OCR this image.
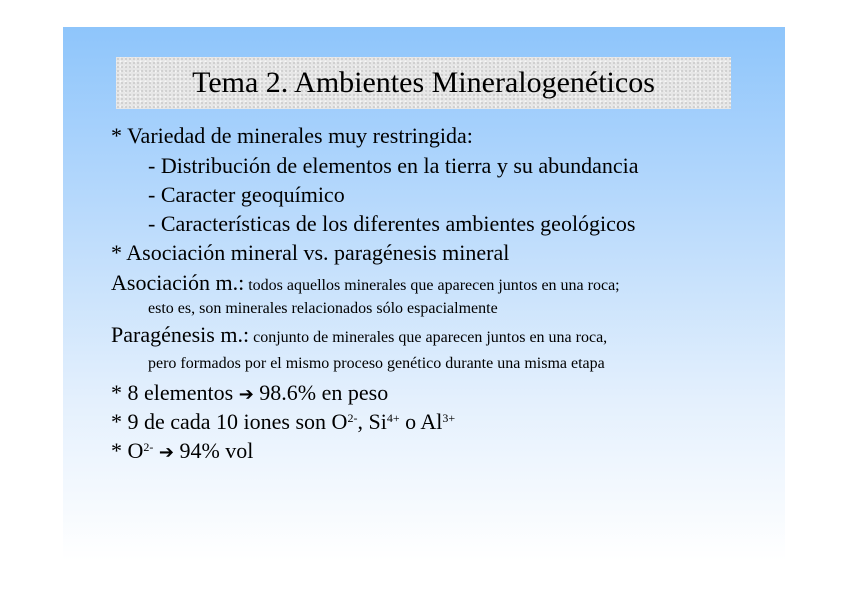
Tema 2. Ambientes Mineralogenéticos
* Variedad de minerales muy restringida:
- Distribución de elementos en la tierra y su abundancia
- Caracter geoquímico
- Características de los diferentes ambientes geológicos
* Asociación mineral vs. paragénesis mineral
Asociación m.: todos aquellos minerales que aparecen juntos en una roca;
esto es, son minerales relacionados sólo espacialmente
Paragénesis m.: conjunto de minerales que aparecen juntos en una roca,
pero formados por el mismo proceso genético durante una misma etapa
* 8 elementos ➔ 98.6% en peso
* 9 de cada 10 iones son $O^{2-}$, $Si^{4+}$ o $Al^{3+}$
* $O^{2-}$ ➔ 94% vol
